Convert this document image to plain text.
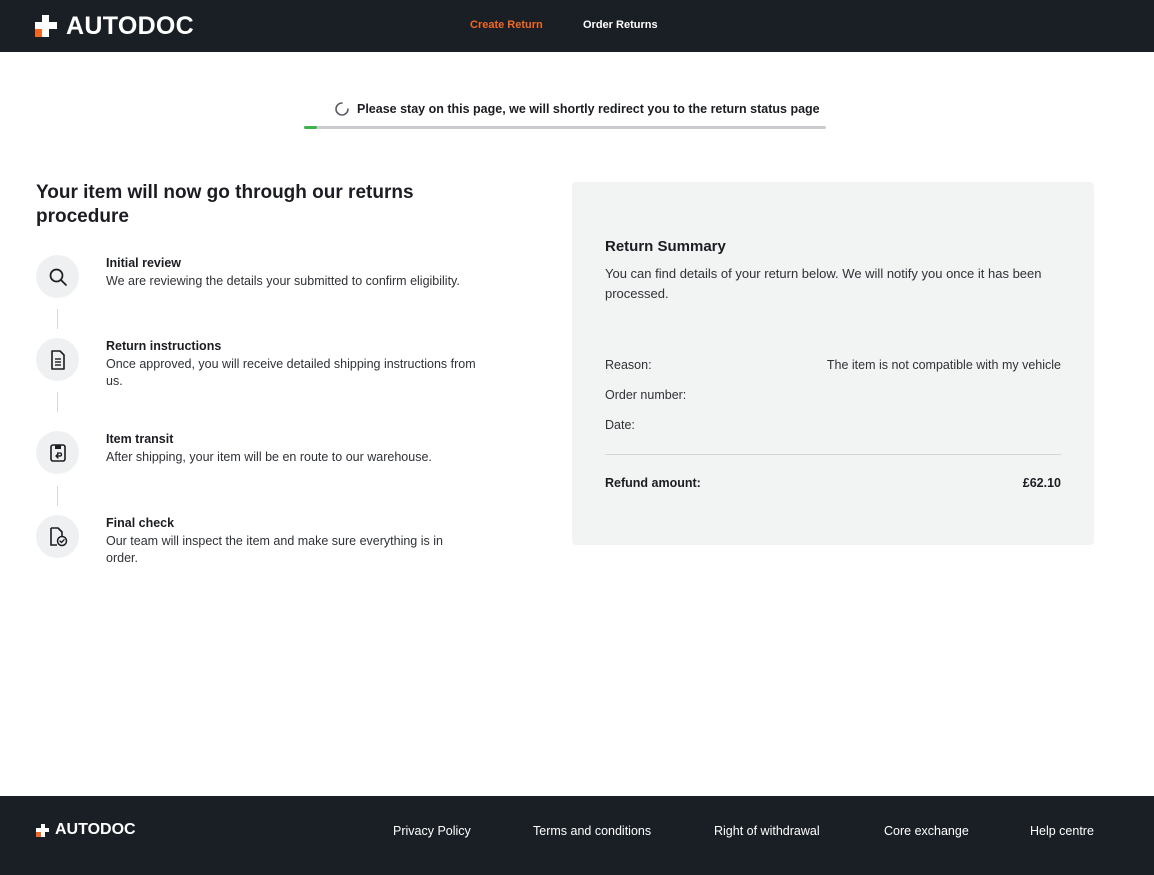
AUTODOC	Create Return	Order Returns
Please stay on this page, we will shortly redirect you to the return status page
Your item will now go through our returns procedure
Initial review
We are reviewing the details your submitted to confirm eligibility.
Return instructions
Once approved, you will receive detailed shipping instructions from us.
Item transit
After shipping, your item will be en route to our warehouse.
Final check
Our team will inspect the item and make sure everything is in order.
Return Summary
You can find details of your return below. We will notify you once it has been processed.
Reason:	The item is not compatible with my vehicle
Order number:
Date:
Refund amount:	£62.10
AUTODOC	Privacy Policy	Terms and conditions	Right of withdrawal	Core exchange	Help centre
